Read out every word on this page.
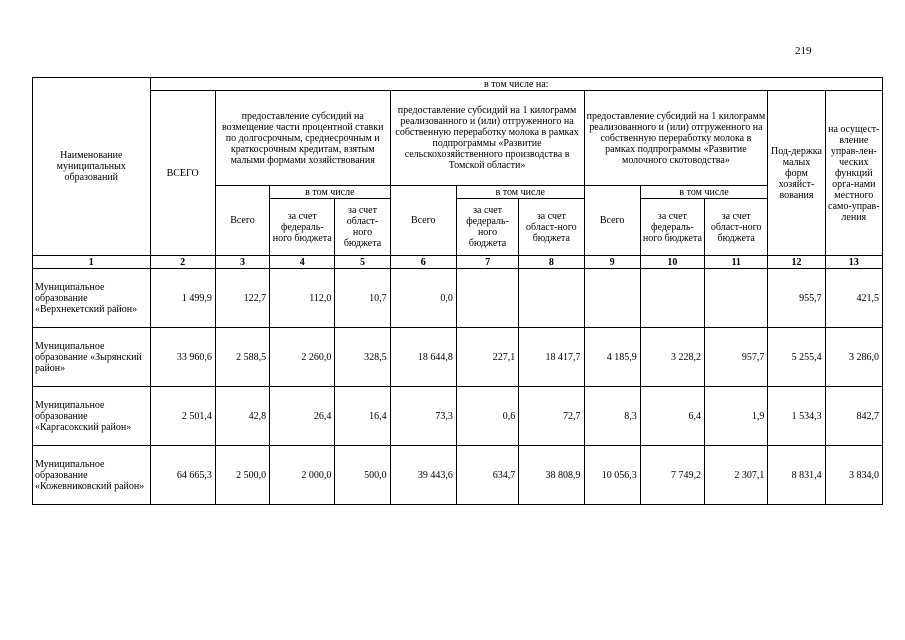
219
Наименование муниципальных образований	в том числе на:											
	ВСЕГО	предоставление субсидий на возмещение части процентной ставки по долгосрочным, среднесрочным и краткосрочным кредитам, взятым малыми формами хозяйствования			предоставление субсидий на 1 килограмм реализованного и (или) отгруженного на собственную переработку молока в рамках подпрограммы «Развитие сельскохозяйственного производства в Томской области»			предоставление субсидий на 1 килограмм реализованного и (или) отгруженного на собственную переработку молока в рамках подпрограммы «Развитие молочного скотоводства»			Под-держка малых форм хозяйст-вования	на осущест-вление управ-лен-ческих функций орга-нами местного само-управ-ления
		Всего	в том числе		Всего	в том числе		Всего	в том числе			
			за счет федераль-ного бюджета	за счет област-ного бюджета		за счет федераль-ного бюджета	за счет област-ного бюджета		за счет федераль-ного бюджета	за счет област-ного бюджета		
1	2	3	4	5	6	7	8	9	10	11	12	13
Муниципальное образование «Верхнекетский район»	1 499,9	122,7	112,0	10,7	0,0						955,7	421,5
Муниципальное образование «Зырянский район»	33 960,6	2 588,5	2 260,0	328,5	18 644,8	227,1	18 417,7	4 185,9	3 228,2	957,7	5 255,4	3 286,0
Муниципальное образование «Каргасокский район»	2 501,4	42,8	26,4	16,4	73,3	0,6	72,7	8,3	6,4	1,9	1 534,3	842,7
Муниципальное образование «Кожевниковский район»	64 665,3	2 500,0	2 000,0	500,0	39 443,6	634,7	38 808,9	10 056,3	7 749,2	2 307,1	8 831,4	3 834,0
